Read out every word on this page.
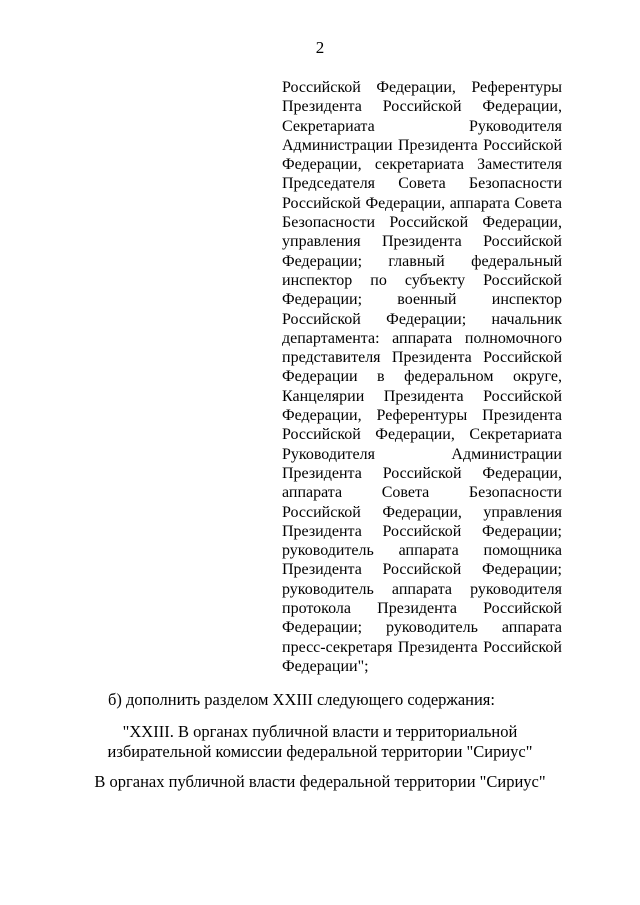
2
Российской Федерации, Референтуры
Президента Российской Федерации,
Секретариата Руководителя
Администрации Президента Российской
Федерации, секретариата Заместителя
Председателя Совета Безопасности
Российской Федерации, аппарата Совета
Безопасности Российской Федерации,
управления Президента Российской
Федерации; главный федеральный
инспектор по субъекту Российской
Федерации; военный инспектор
Российской Федерации; начальник
департамента: аппарата полномочного
представителя Президента Российской
Федерации в федеральном округе,
Канцелярии Президента Российской
Федерации, Референтуры Президента
Российской Федерации, Секретариата
Руководителя Администрации
Президента Российской Федерации,
аппарата Совета Безопасности
Российской Федерации, управления
Президента Российской Федерации;
руководитель аппарата помощника
Президента Российской Федерации;
руководитель аппарата руководителя
протокола Президента Российской
Федерации; руководитель аппарата
пресс-секретаря Президента Российской
Федерации";
б) дополнить разделом XXIII следующего содержания:
"XXIII. В органах публичной власти и территориальной
избирательной комиссии федеральной территории "Сириус"
В органах публичной власти федеральной территории "Сириус"
